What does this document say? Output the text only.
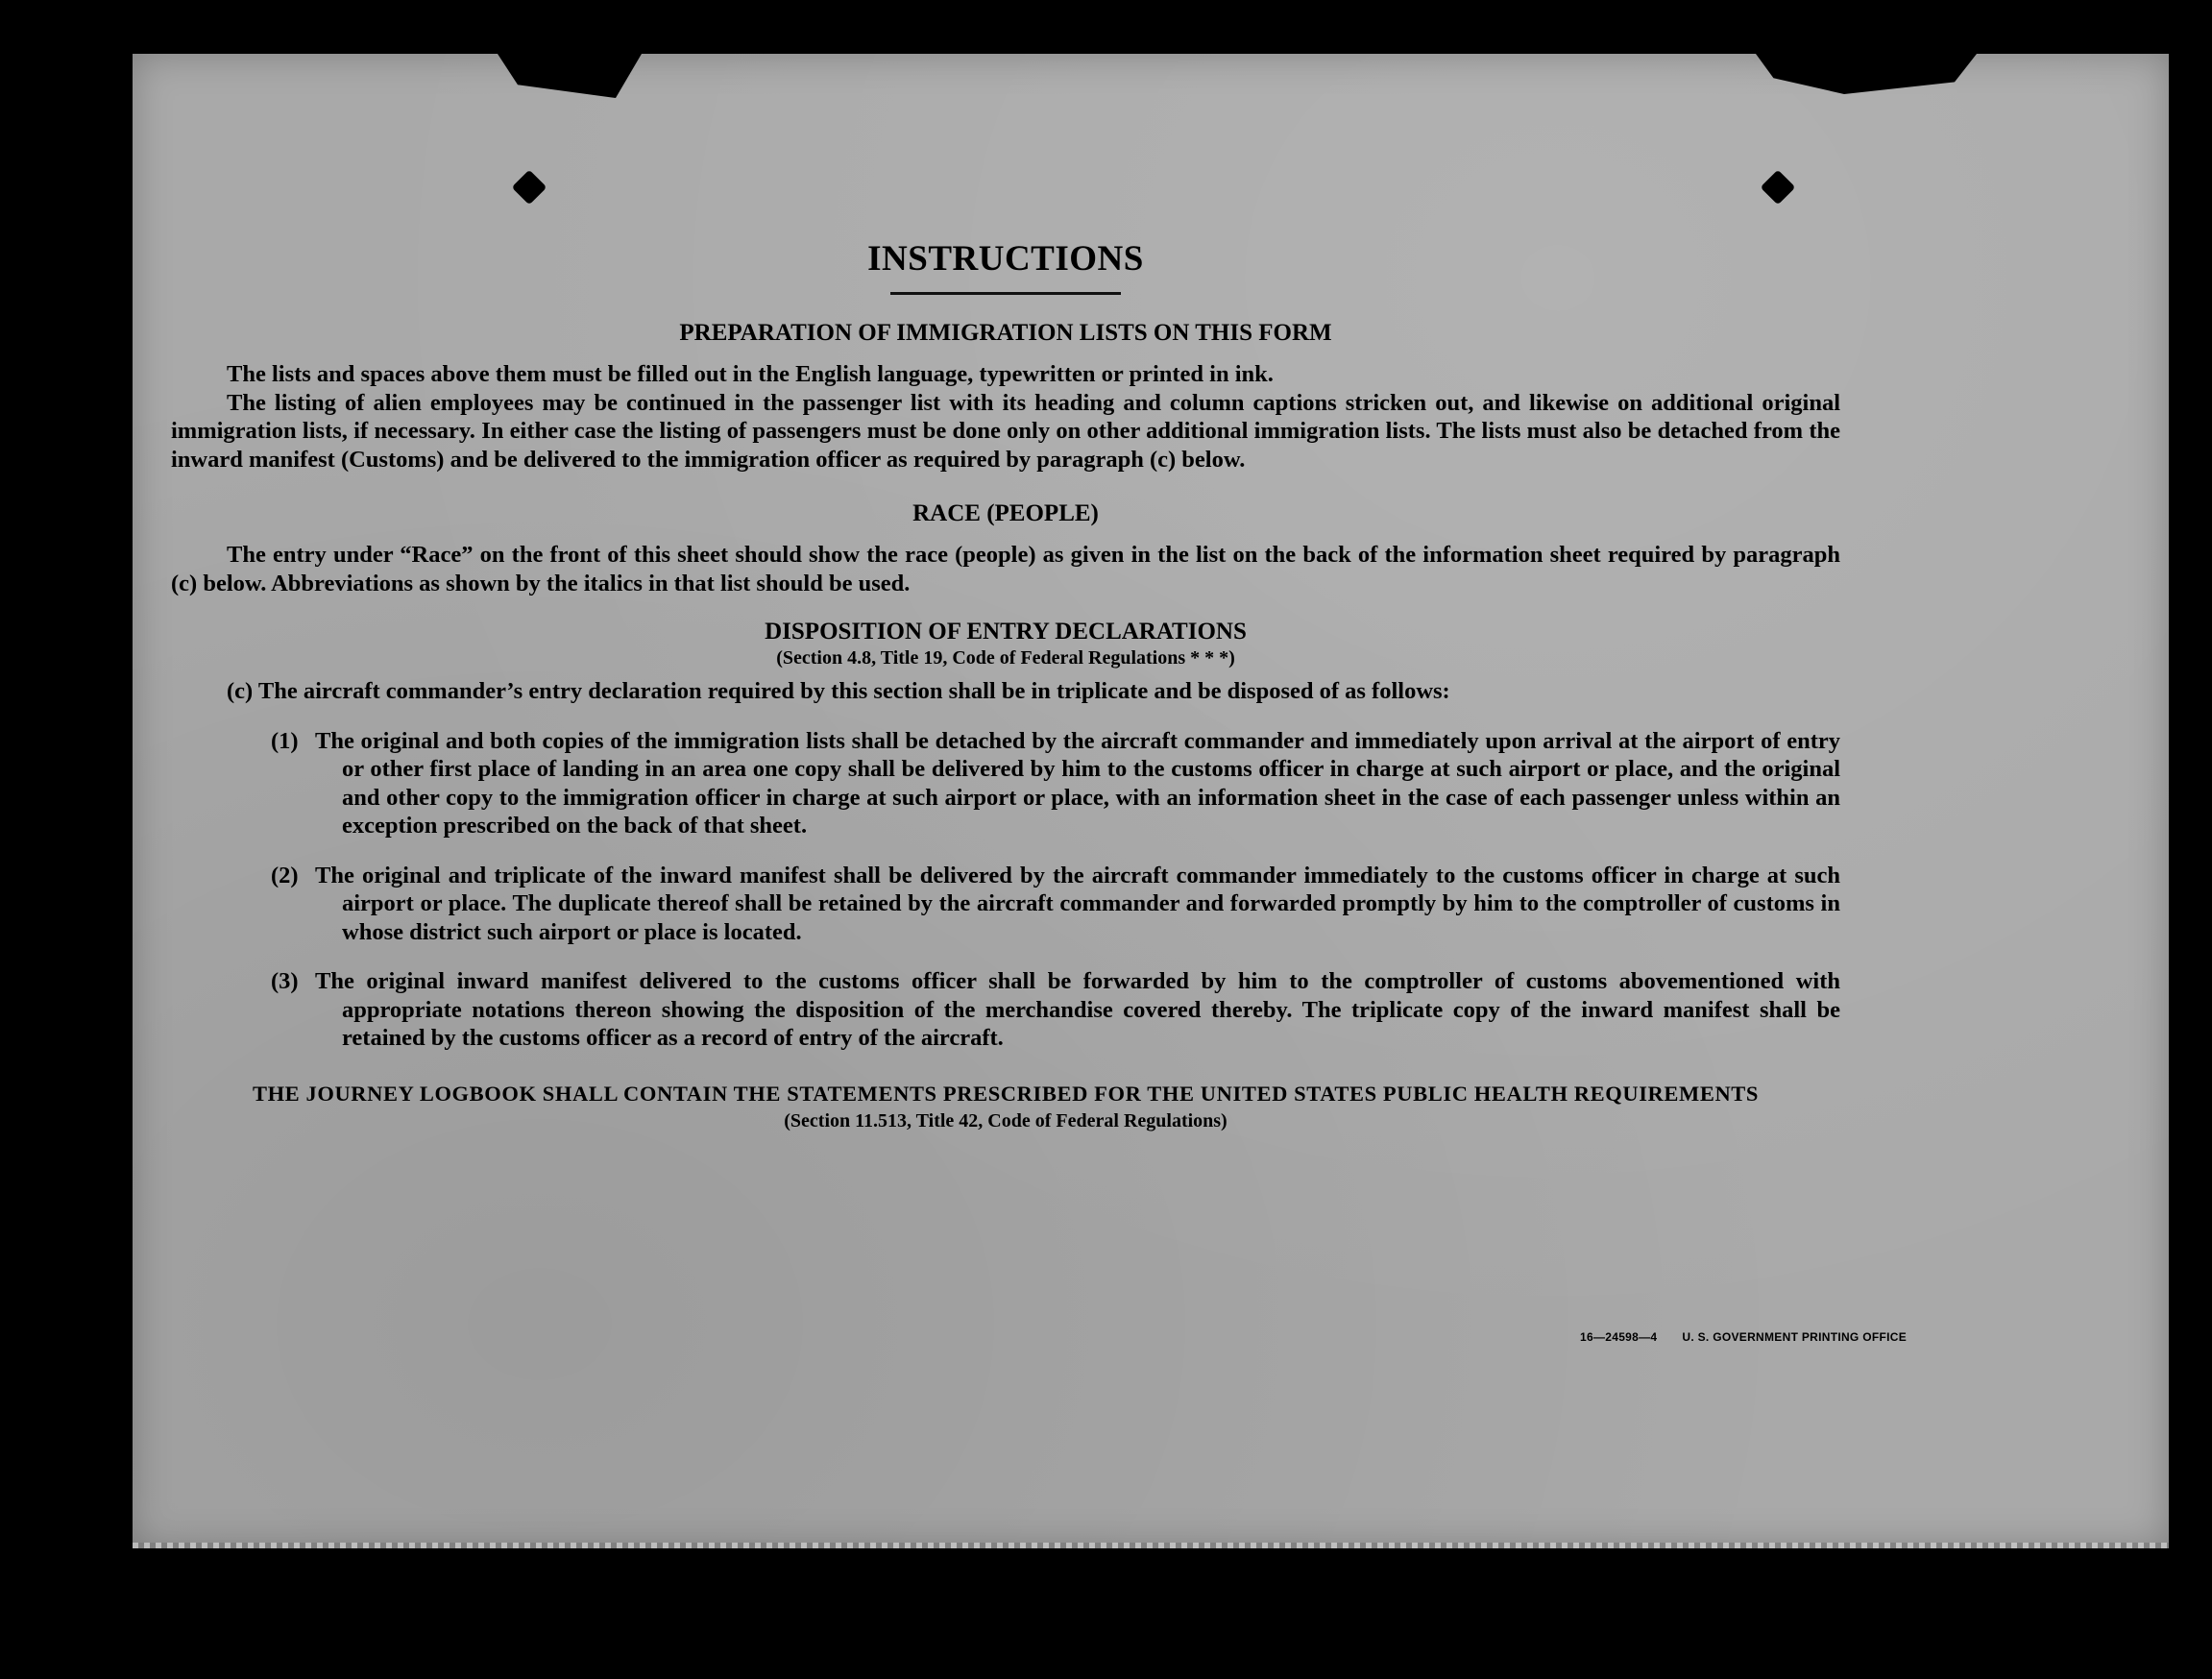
INSTRUCTIONS
PREPARATION OF IMMIGRATION LISTS ON THIS FORM

The lists and spaces above them must be filled out in the English language, typewritten or printed in ink.

The listing of alien employees may be continued in the passenger list with its heading and column captions stricken out, and likewise on additional original immigration lists, if necessary. In either case the listing of passengers must be done only on other additional immigration lists. The lists must also be detached from the inward manifest (Customs) and be delivered to the immigration officer as required by paragraph (c) below.

RACE (PEOPLE)

The entry under “Race” on the front of this sheet should show the race (people) as given in the list on the back of the information sheet required by paragraph (c) below. Abbreviations as shown by the italics in that list should be used.

DISPOSITION OF ENTRY DECLARATIONS
(Section 4.8, Title 19, Code of Federal Regulations * * *)

(c) The aircraft commander’s entry declaration required by this section shall be in triplicate and be disposed of as follows:

(1) The original and both copies of the immigration lists shall be detached by the aircraft commander and immediately upon arrival at the airport of entry or other first place of landing in an area one copy shall be delivered by him to the customs officer in charge at such airport or place, and the original and other copy to the immigration officer in charge at such airport or place, with an information sheet in the case of each passenger unless within an exception prescribed on the back of that sheet.

(2) The original and triplicate of the inward manifest shall be delivered by the aircraft commander immediately to the customs officer in charge at such airport or place. The duplicate thereof shall be retained by the aircraft commander and forwarded promptly by him to the comptroller of customs in whose district such airport or place is located.

(3) The original inward manifest delivered to the customs officer shall be forwarded by him to the comptroller of customs abovementioned with appropriate notations thereon showing the disposition of the merchandise covered thereby. The triplicate copy of the inward manifest shall be retained by the customs officer as a record of entry of the aircraft.

THE JOURNEY LOGBOOK SHALL CONTAIN THE STATEMENTS PRESCRIBED FOR THE UNITED STATES PUBLIC HEALTH REQUIREMENTS
(Section 11.513, Title 42, Code of Federal Regulations)
16—24598—4 U. S. GOVERNMENT PRINTING OFFICE
